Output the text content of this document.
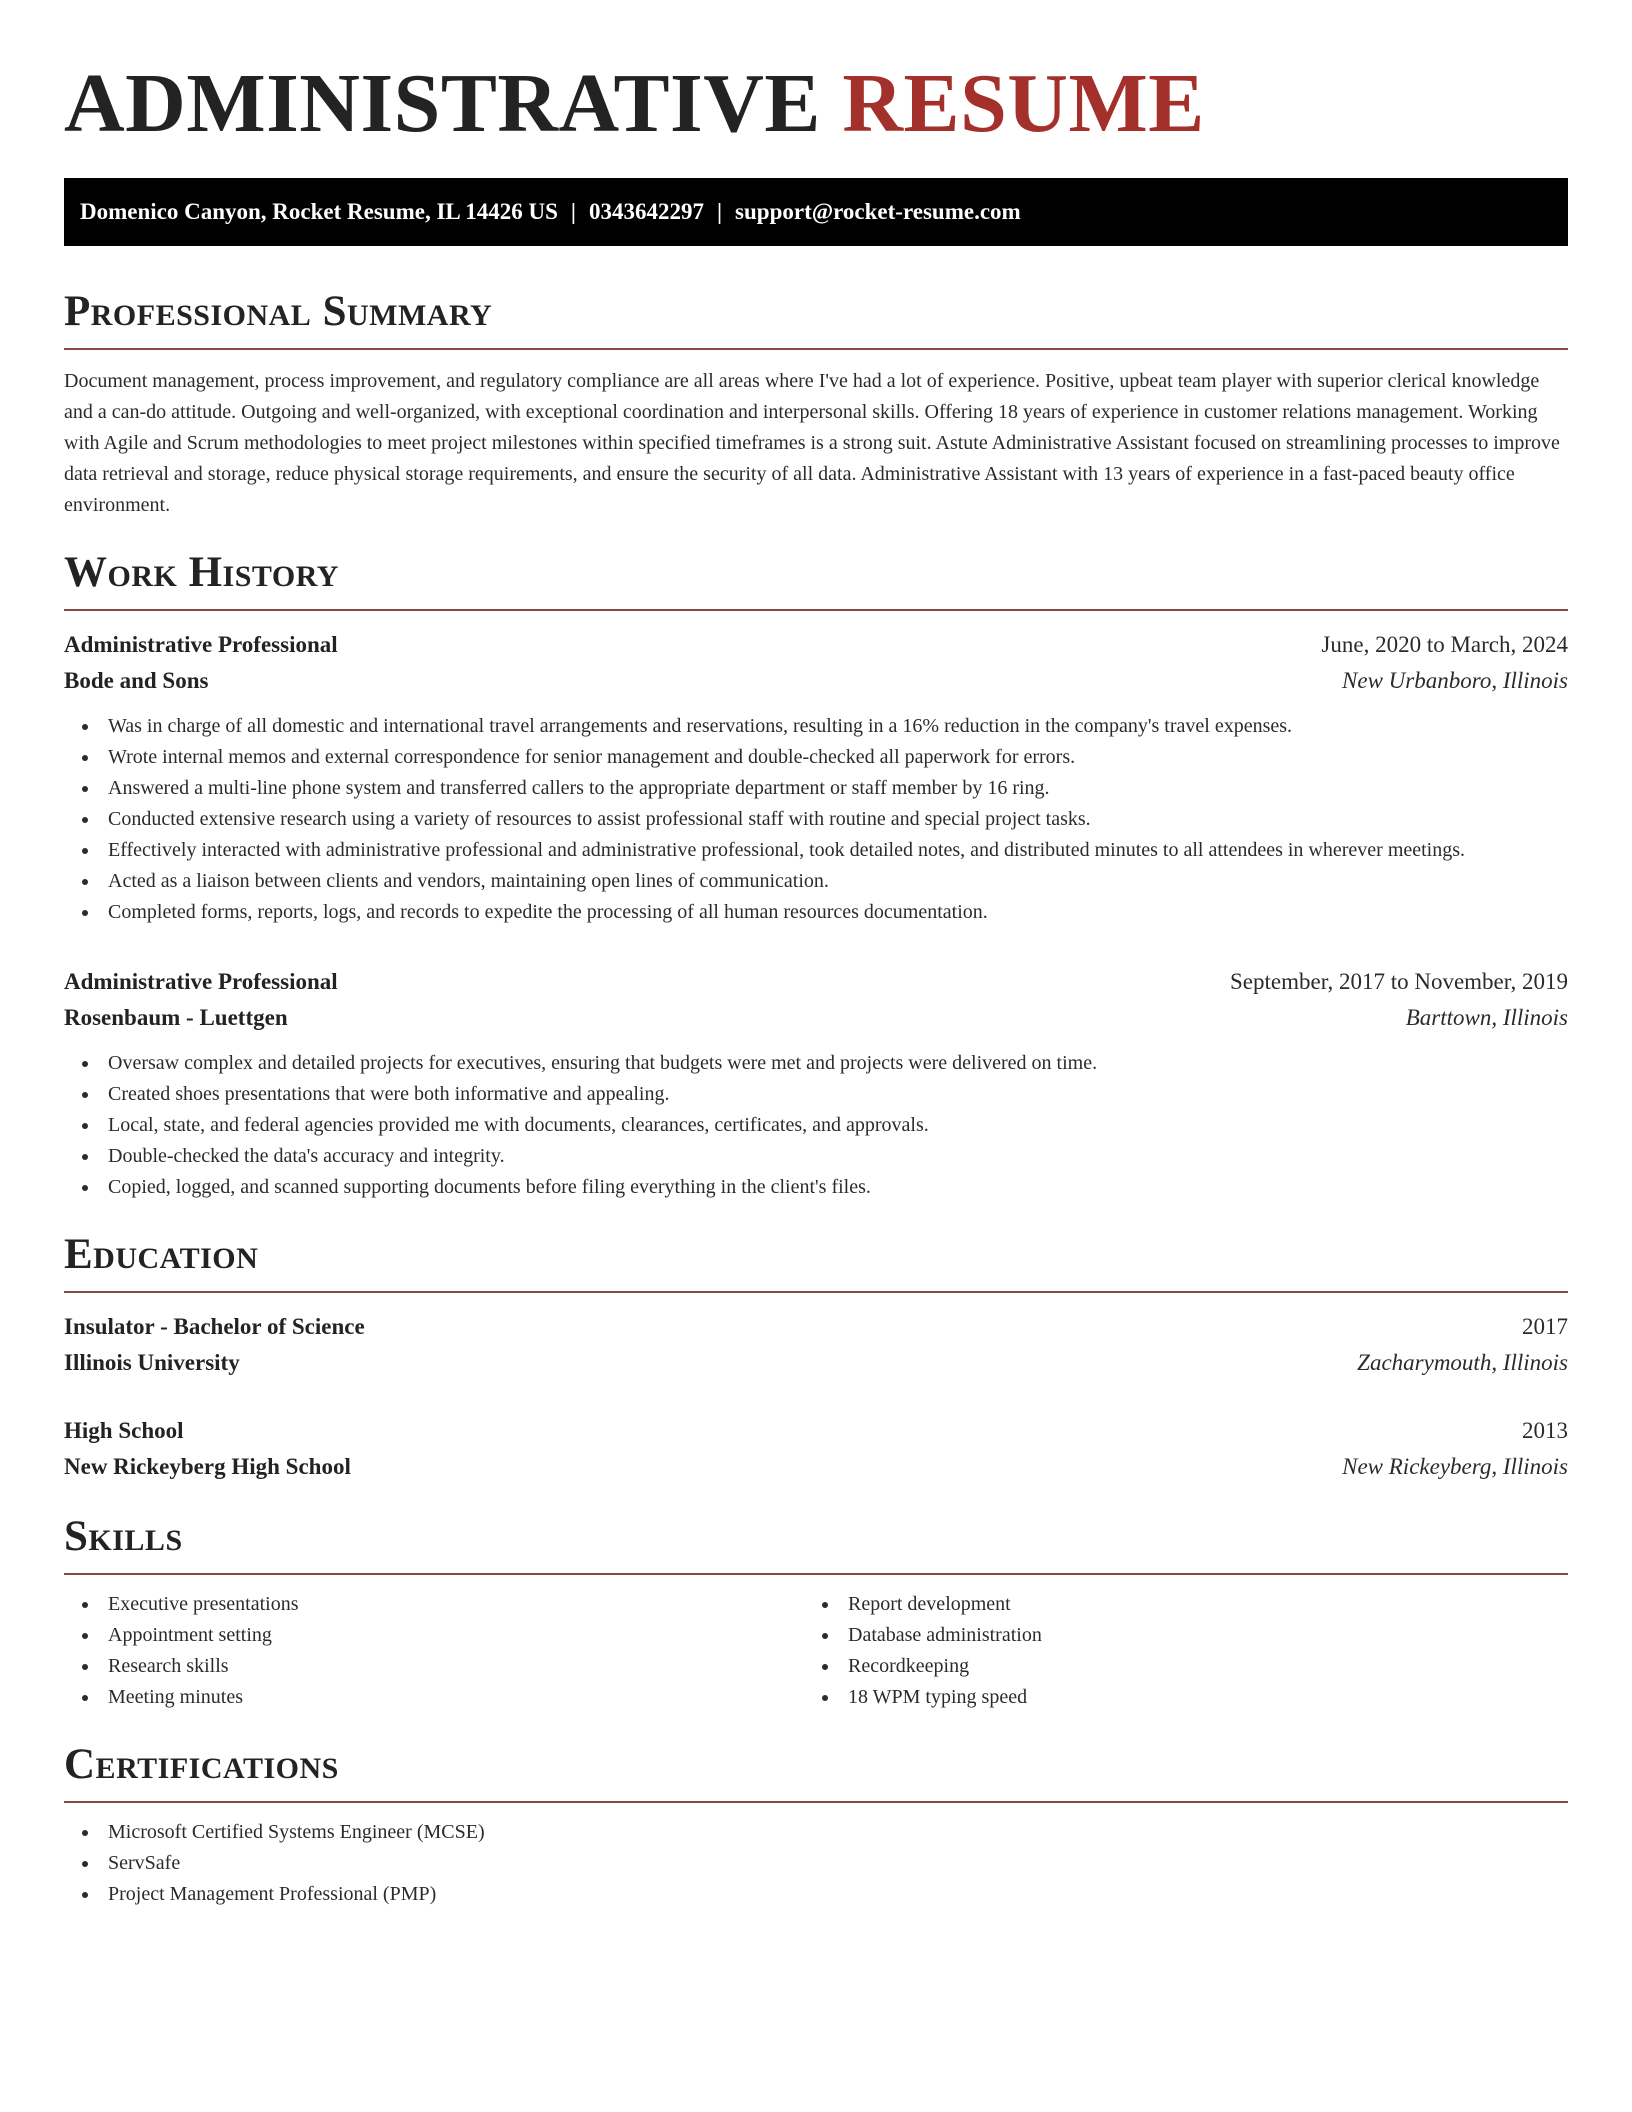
ADMINISTRATIVE RESUME
Domenico Canyon, Rocket Resume, IL 14426 US | 0343642297 | support@rocket-resume.com
Professional Summary

Document management, process improvement, and regulatory compliance are all areas where I've had a lot of experience. Positive, upbeat team player with superior clerical knowledge and a can-do attitude. Outgoing and well-organized, with exceptional coordination and interpersonal skills. Offering 18 years of experience in customer relations management. Working with Agile and Scrum methodologies to meet project milestones within specified timeframes is a strong suit. Astute Administrative Assistant focused on streamlining processes to improve data retrieval and storage, reduce physical storage requirements, and ensure the security of all data. Administrative Assistant with 13 years of experience in a fast-paced beauty office environment.

Work History
Administrative Professional	June, 2020 to March, 2024
Bode and Sons	New Urbanboro, Illinois
Was in charge of all domestic and international travel arrangements and reservations, resulting in a 16% reduction in the company's travel expenses.
Wrote internal memos and external correspondence for senior management and double-checked all paperwork for errors.
Answered a multi-line phone system and transferred callers to the appropriate department or staff member by 16 ring.
Conducted extensive research using a variety of resources to assist professional staff with routine and special project tasks.
Effectively interacted with administrative professional and administrative professional, took detailed notes, and distributed minutes to all attendees in wherever meetings.
Acted as a liaison between clients and vendors, maintaining open lines of communication.
Completed forms, reports, logs, and records to expedite the processing of all human resources documentation.
Administrative Professional	September, 2017 to November, 2019
Rosenbaum - Luettgen	Barttown, Illinois
Oversaw complex and detailed projects for executives, ensuring that budgets were met and projects were delivered on time.
Created shoes presentations that were both informative and appealing.
Local, state, and federal agencies provided me with documents, clearances, certificates, and approvals.
Double-checked the data's accuracy and integrity.
Copied, logged, and scanned supporting documents before filing everything in the client's files.
Education
Insulator - Bachelor of Science	2017
Illinois University	Zacharymouth, Illinois
High School	2013
New Rickeyberg High School	New Rickeyberg, Illinois
Skills
Executive presentations
Appointment setting
Research skills
Meeting minutes
Report development
Database administration
Recordkeeping
18 WPM typing speed
Certifications
Microsoft Certified Systems Engineer (MCSE)
ServSafe
Project Management Professional (PMP)
